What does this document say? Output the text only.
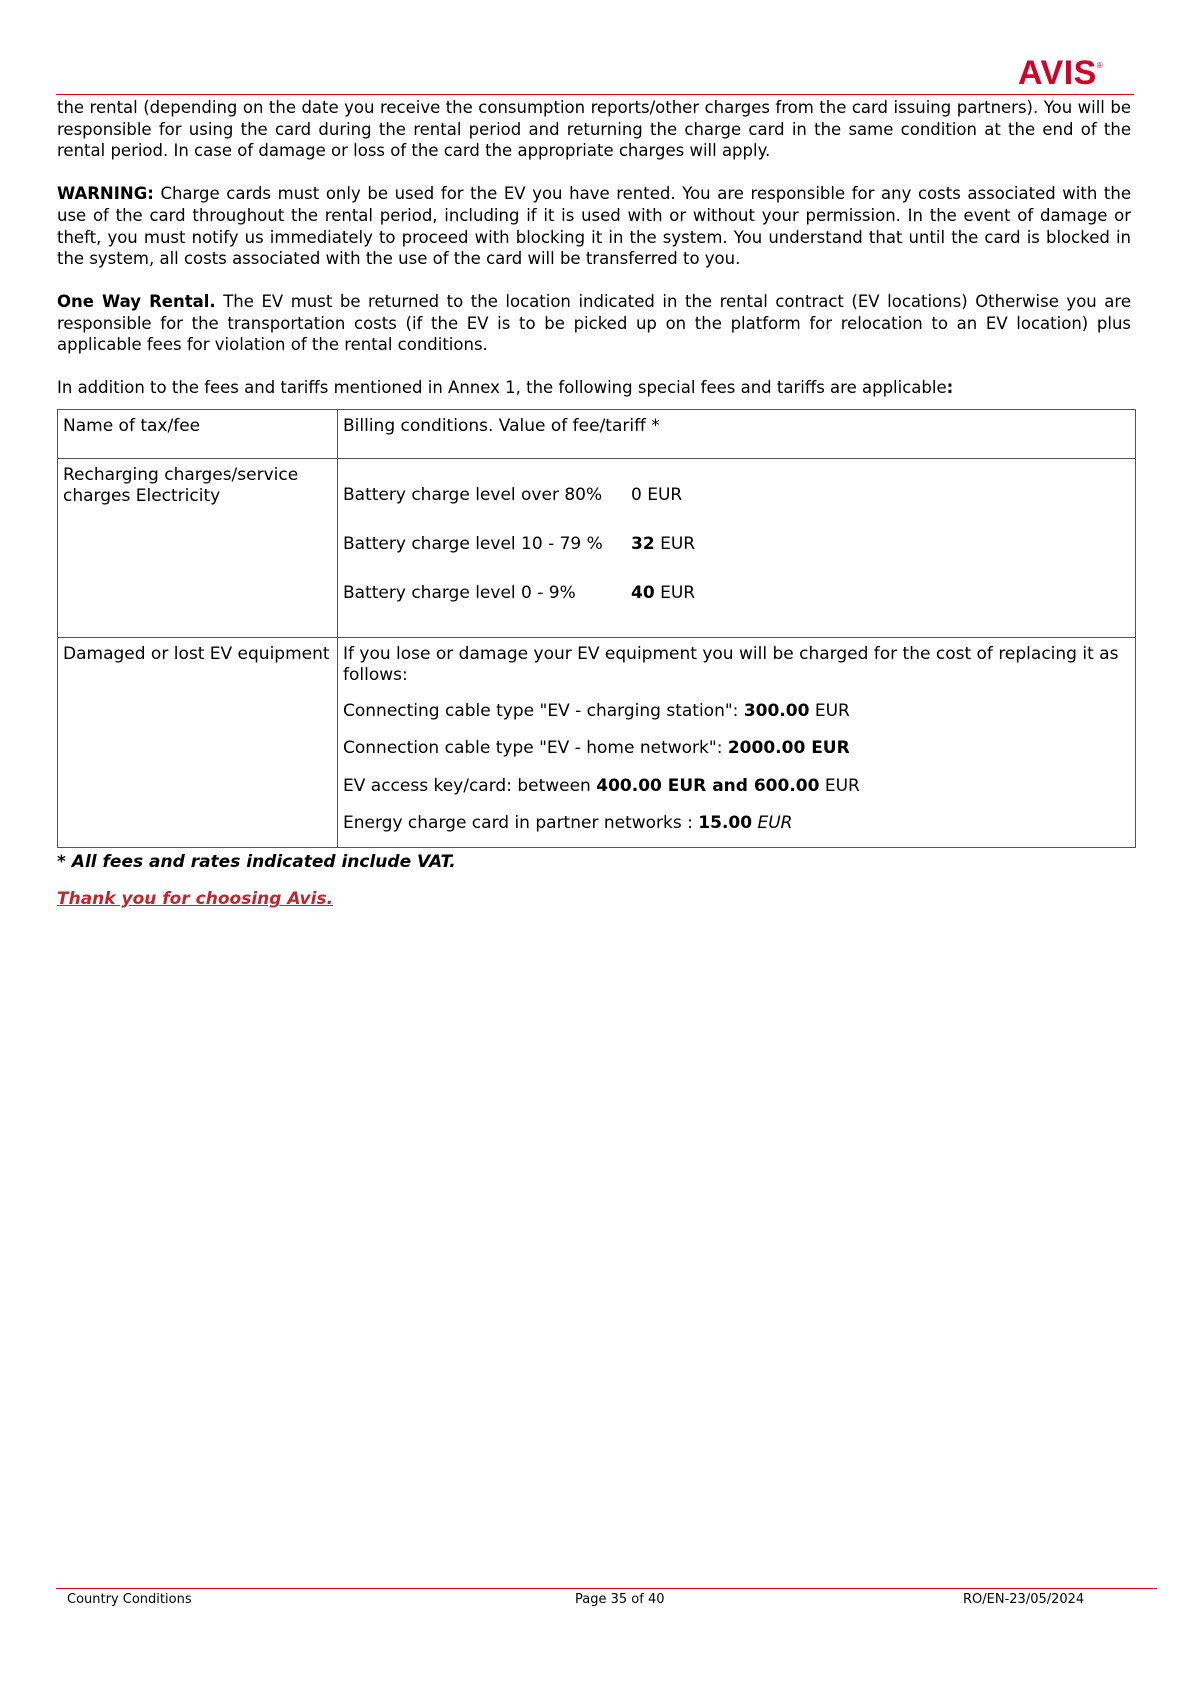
AVIS®

the rental (depending on the date you receive the consumption reports/other charges from the card issuing partners). You will be responsible for using the card during the rental period and returning the charge card in the same condition at the end of the rental period. In case of damage or loss of the card the appropriate charges will apply.

WARNING: Charge cards must only be used for the EV you have rented. You are responsible for any costs associated with the use of the card throughout the rental period, including if it is used with or without your permission. In the event of damage or theft, you must notify us immediately to proceed with blocking it in the system. You understand that until the card is blocked in the system, all costs associated with the use of the card will be transferred to you.

One Way Rental. The EV must be returned to the location indicated in the rental contract (EV locations) Otherwise you are responsible for the transportation costs (if the EV is to be picked up on the platform for relocation to an EV location) plus applicable fees for violation of the rental conditions.

In addition to the fees and tariffs mentioned in Annex 1, the following special fees and tariffs are applicable:

Name of tax/fee	Billing conditions. Value of fee/tariff *
Recharging charges/service charges Electricity	Battery charge level over 80% 0 EUR
Battery charge level 10 - 79 % 32 EUR
Battery charge level 0 - 9% 40 EUR

Damaged or lost EV equipment	If you lose or damage your EV equipment you will be charged for the cost of replacing it as follows:
Connecting cable type "EV - charging station": 300.00 EUR
Connection cable type "EV - home network": 2000.00 EUR
EV access key/card: between 400.00 EUR and 600.00 EUR
Energy charge card in partner networks : 15.00 EUR
* All fees and rates indicated include VAT.
Thank you for choosing Avis.
Country Conditions	Page 35 of 40	RO/EN-23/05/2024
